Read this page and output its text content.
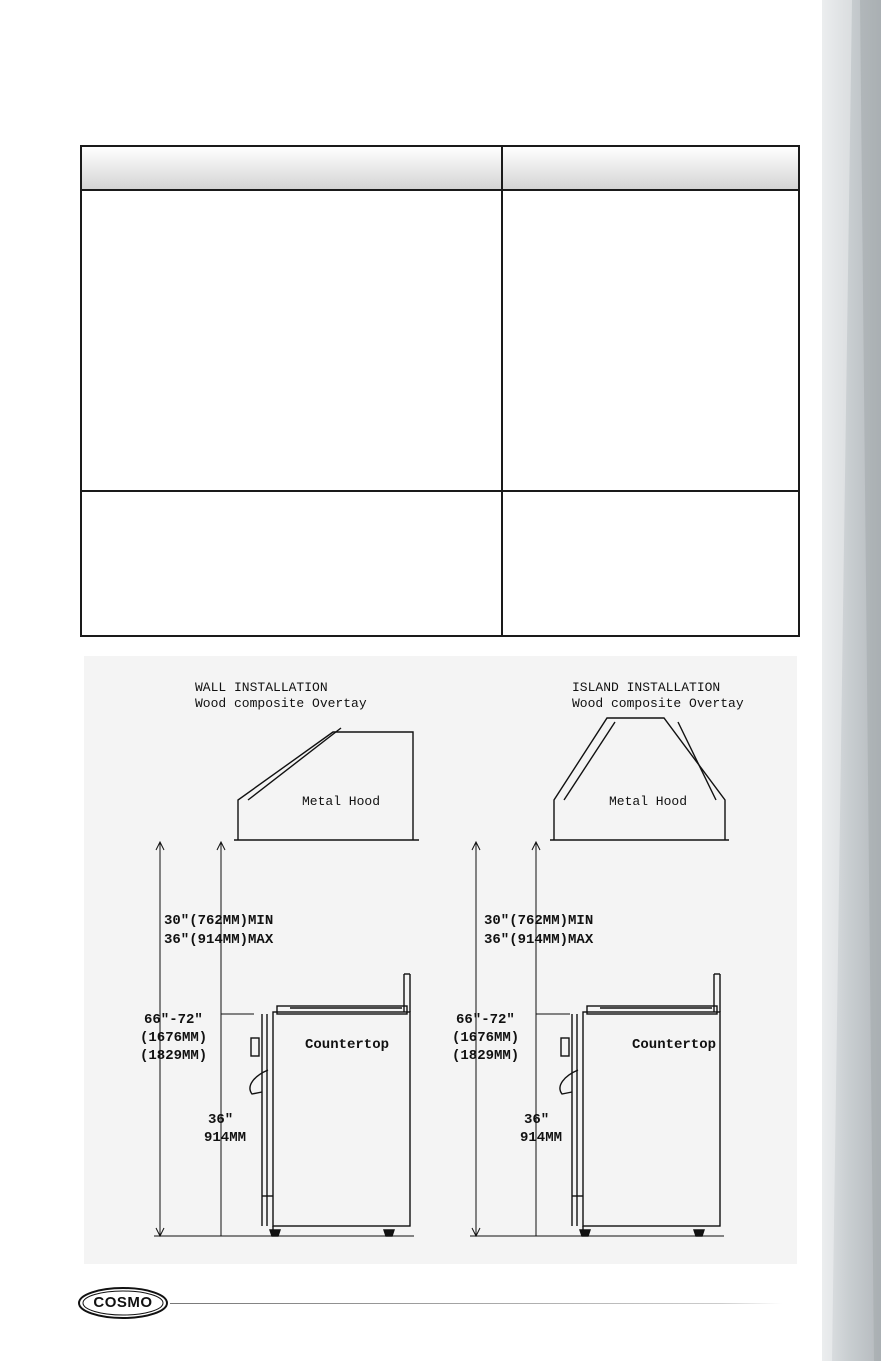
WALL INSTALLATION
Wood composite Overtay
Metal Hood
30″(762MM)MIN
36″(914MM)MAX
66″-72″
(1676MM)
(1829MM)
Countertop
36″
914MM
ISLAND INSTALLATION
Wood composite Overtay
Metal Hood
30″(762MM)MIN
36″(914MM)MAX
66″-72″
(1676MM)
(1829MM)
Countertop
36″
914MM
COSMO
